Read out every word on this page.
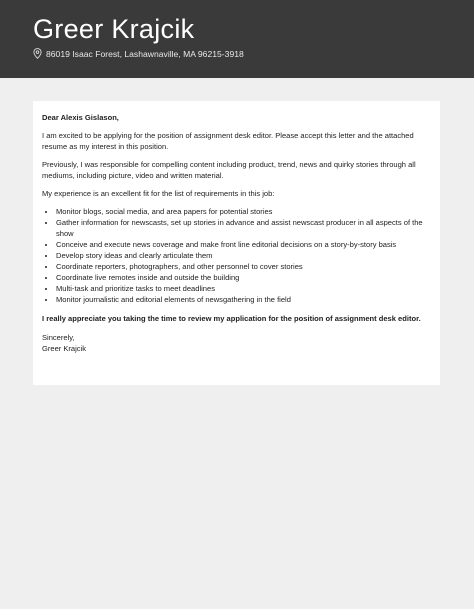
Greer Krajcik
86019 Isaac Forest, Lashawnaville, MA 96215-3918

Dear Alexis Gislason,

I am excited to be applying for the position of assignment desk editor. Please accept this letter and the attached resume as my interest in this position.

Previously, I was responsible for compelling content including product, trend, news and quirky stories through all mediums, including picture, video and written material.

My experience is an excellent fit for the list of requirements in this job:

• Monitor blogs, social media, and area papers for potential stories
• Gather information for newscasts, set up stories in advance and assist newscast producer in all aspects of the show
• Conceive and execute news coverage and make front line editorial decisions on a story-by-story basis
• Develop story ideas and clearly articulate them
• Coordinate reporters, photographers, and other personnel to cover stories
• Coordinate live remotes inside and outside the building
• Multi-task and prioritize tasks to meet deadlines
• Monitor journalistic and editorial elements of newsgathering in the field

I really appreciate you taking the time to review my application for the position of assignment desk editor.

Sincerely,

Greer Krajcik
